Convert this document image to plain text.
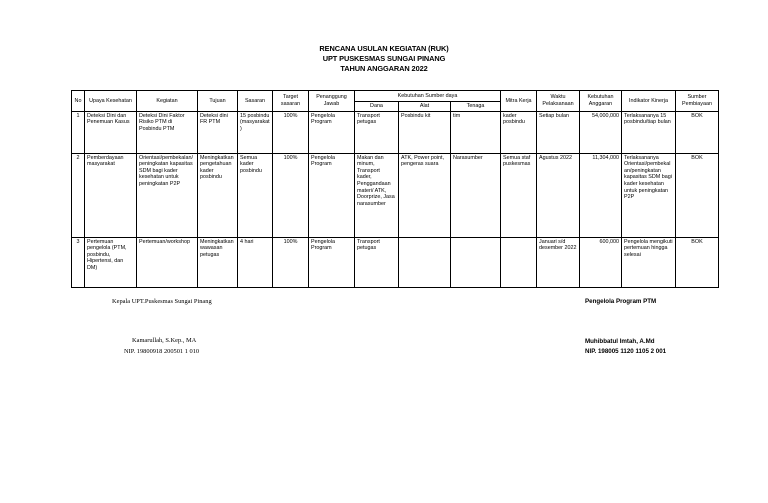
RENCANA USULAN KEGIATAN (RUK)
UPT PUSKESMAS SUNGAI PINANG
TAHUN ANGGARAN 2022
No	Upaya Kesehatan	Kegiatan	Tujuan	Sasaran	Target sasaran	Penanggung Jawab	Kebutuhan Sumber daya			Mitra Kerja	Waktu Pelaksanaan	Kebutuhan Anggaran	Indikator Kinerja	Sumber Pembiayaan
							Dana	Alat	Tenaga					
1	Deteksi Dini dan Penemuan Kasus	Deteksi Dini Faktor Risiko PTM di Posbindu PTM	Deteksi dini FR PTM	15 posbindu (masyarakat)	100%	Pengelola Program	Transport petugas	Posbindu kit	tim	kader posbindu	Setiap bulan	54,000,000	Terlaksananya 15 posbindu/tiap bulan	BOK
2	Pemberdayaan masyarakat	Orientasi/pembekalan/ peningkatan kapasitas SDM bagi kader kesehatan untuk peningkatan P2P	Meningkatkan pengetahuan kader posbindu	Semua kader posbindu	100%	Pengelola Program	Makan dan minum, Transport kader, Penggandaan materi/ ATK, Doorprize, Jasa narasumber	ATK, Power point, pengeras suara	Narasumber	Semua staf puskesmas	Agustus 2022	11,304,000	Terlaksananya Orientasi/pembekalan/peningkatan kapasitas SDM bagi kader kesehatan untuk peningkatan P2P	BOK
3	Pertemuan pengelola (PTM, posbindu, Hipertensi, dan DM)	Pertemuan/workshop	Meningkatkan wawasan petugas	4 hari	100%	Pengelola Program	Transport petugas				Januari s/d desember 2022	600,000	Pengelola mengikuti pertemuan hingga selesai	BOK
Kepala UPT.Puskesmas Sungai Pinang
Kamarullah, S.Kep., MA
NIP. 19800918 200501 1 010
Pengelola Program PTM
Muhibbatul Imtah, A.Md
NIP. 198005 1120 1105 2 001
